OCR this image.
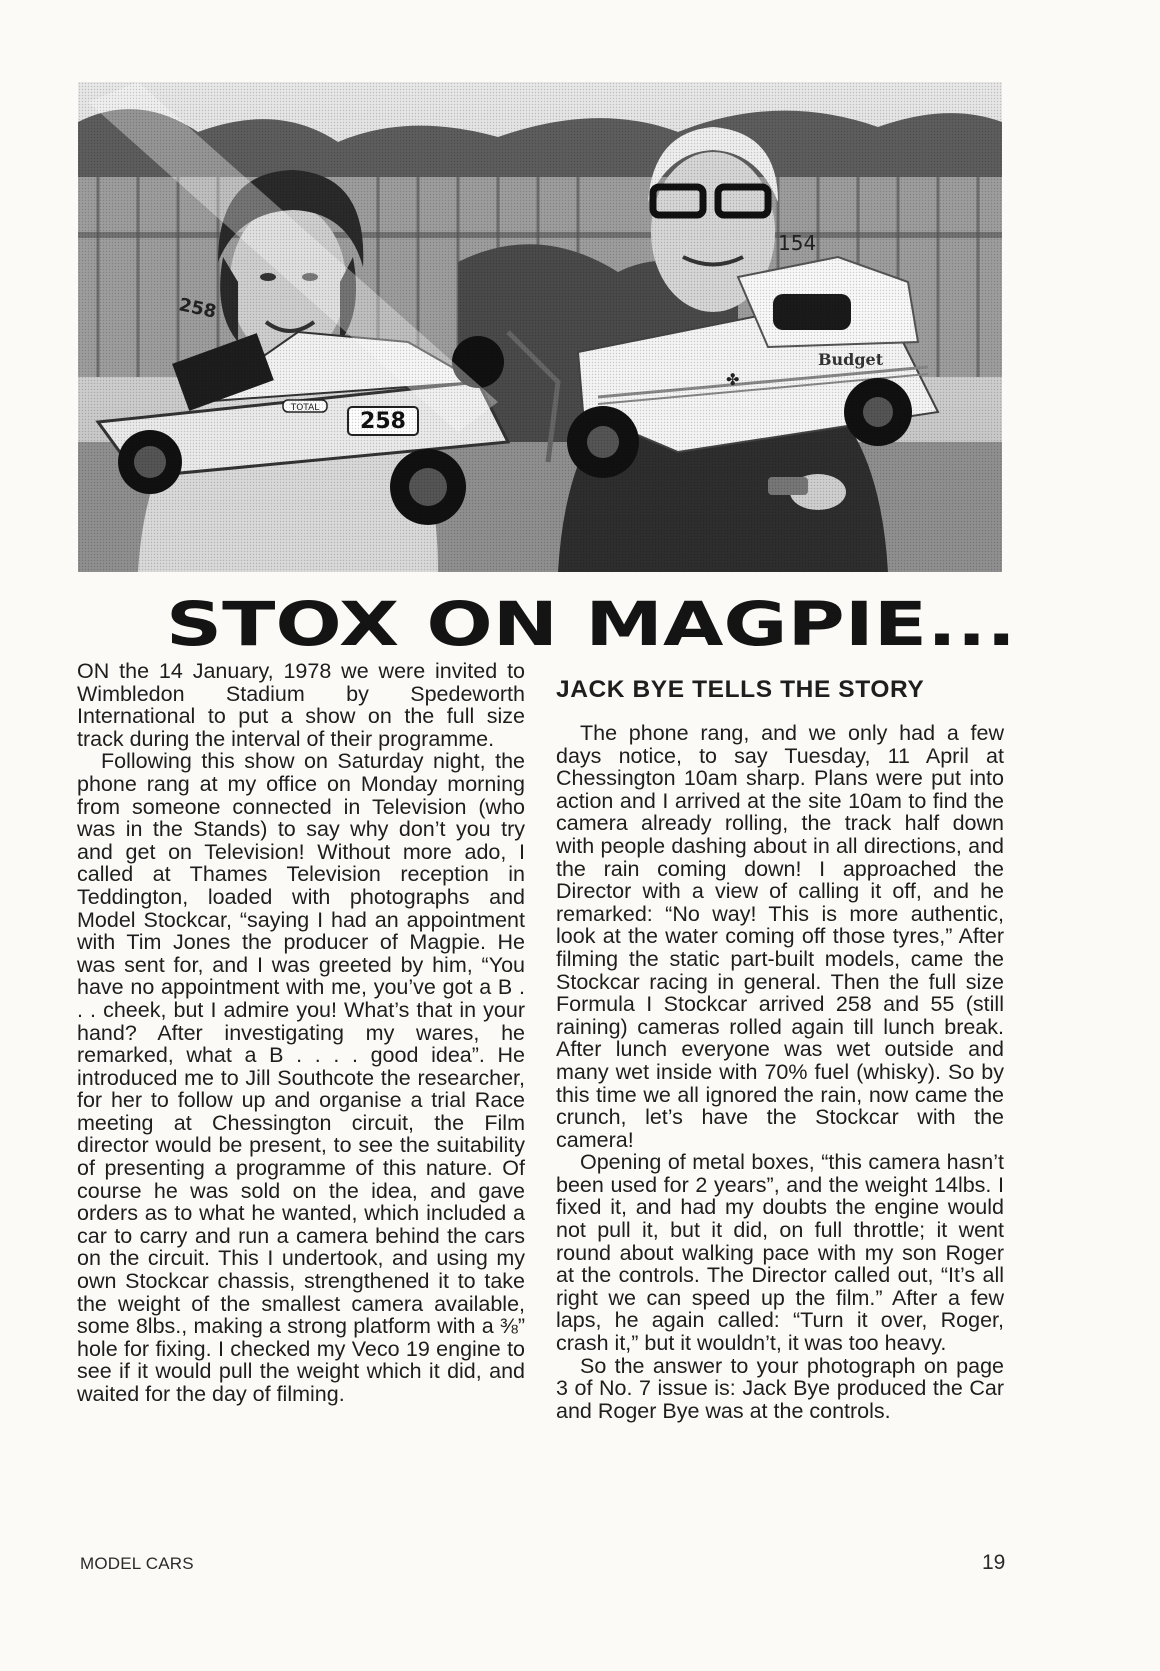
STOX ON MAGPIE...

ON the 14 January, 1978 we were invited to Wimbledon Stadium by Spedeworth International to put a show on the full size track during the interval of their programme.

Following this show on Saturday night, the phone rang at my office on Monday morning from someone connected in Television (who was in the Stands) to say why don’t you try and get on Television! Without more ado, I called at Thames Television reception in Teddington, loaded with photographs and Model Stockcar, “saying I had an appointment with Tim Jones the producer of Magpie. He was sent for, and I was greeted by him, “You have no appointment with me, you’ve got a B . . . cheek, but I admire you! What’s that in your hand? After investigating my wares, he remarked, what a B . . . . good idea”. He introduced me to Jill Southcote the researcher, for her to follow up and organise a trial Race meeting at Chessington circuit, the Film director would be present, to see the suitability of presenting a programme of this nature. Of course he was sold on the idea, and gave orders as to what he wanted, which included a car to carry and run a camera behind the cars on the circuit. This I undertook, and using my own Stockcar chassis, strengthened it to take the weight of the smallest camera available, some 8lbs., making a strong platform with a ⅜” hole for fixing. I checked my Veco 19 engine to see if it would pull the weight which it did, and waited for the day of filming.

JACK BYE TELLS THE STORY

The phone rang, and we only had a few days notice, to say Tuesday, 11 April at Chessington 10am sharp. Plans were put into action and I arrived at the site 10am to find the camera already rolling, the track half down with people dashing about in all directions, and the rain coming down! I approached the Director with a view of calling it off, and he remarked: “No way! This is more authentic, look at the water coming off those tyres,” After filming the static part-built models, came the Stockcar racing in general. Then the full size Formula I Stockcar arrived 258 and 55 (still raining) cameras rolled again till lunch break. After lunch everyone was wet outside and many wet inside with 70% fuel (whisky). So by this time we all ignored the rain, now came the crunch, let’s have the Stockcar with the camera!

Opening of metal boxes, “this camera hasn’t been used for 2 years”, and the weight 14lbs. I fixed it, and had my doubts the engine would not pull it, but it did, on full throttle; it went round about walking pace with my son Roger at the controls. The Director called out, “It’s all right we can speed up the film.” After a few laps, he again called: “Turn it over, Roger, crash it,” but it wouldn’t, it was too heavy.

So the answer to your photograph on page 3 of No. 7 issue is: Jack Bye produced the Car and Roger Bye was at the controls.

MODEL CARS	19
